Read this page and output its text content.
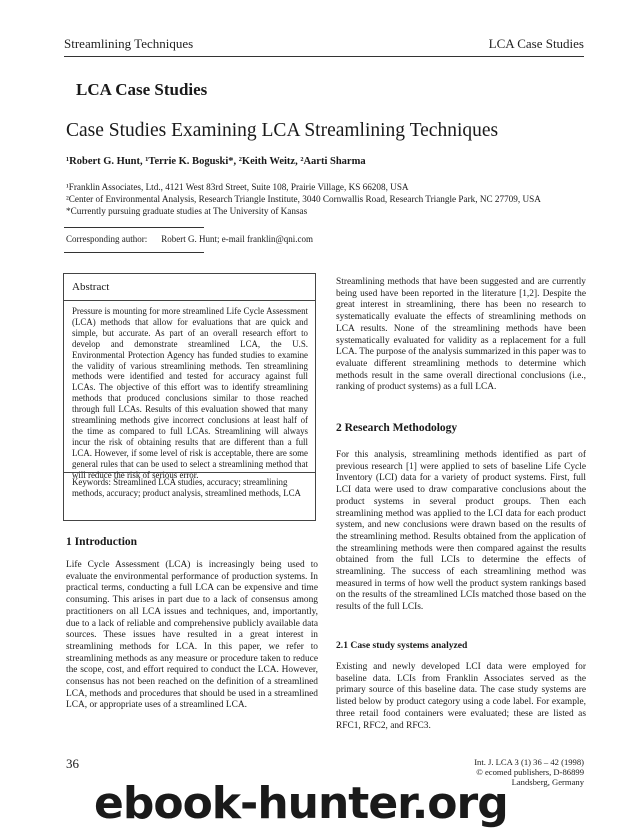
Streamlining Techniques	LCA Case Studies
LCA Case Studies
Case Studies Examining LCA Streamlining Techniques
¹Robert G. Hunt, ¹Terrie K. Boguski*, ²Keith Weitz, ²Aarti Sharma
¹Franklin Associates, Ltd., 4121 West 83rd Street, Suite 108, Prairie Village, KS 66208, USA
²Center of Environmental Analysis, Research Triangle Institute, 3040 Cornwallis Road, Research Triangle Park, NC 27709, USA
*Currently pursuing graduate studies at The University of Kansas
Corresponding author: Robert G. Hunt; e-mail franklin@qni.com
Abstract
Pressure is mounting for more streamlined Life Cycle Assessment (LCA) methods that allow for evaluations that are quick and simple, but accurate. As part of an overall research effort to develop and demonstrate streamlined LCA, the U.S. Environmental Protection Agency has funded studies to examine the validity of various streamlining methods. Ten streamlining methods were identified and tested for accuracy against full LCAs. The objective of this effort was to identify streamlining methods that produced conclusions similar to those reached through full LCAs. Results of this evaluation showed that many streamlining methods give incorrect conclusions at least half of the time as compared to full LCAs. Streamlining will always incur the risk of obtaining results that are different than a full LCA. However, if some level of risk is acceptable, there are some general rules that can be used to select a streamlining method that will reduce the risk of serious error.
Keywords: Streamlined LCA studies, accuracy; streamlining methods, accuracy; product analysis, streamlined methods, LCA
1 Introduction
Life Cycle Assessment (LCA) is increasingly being used to evaluate the environmental performance of production systems. In practical terms, conducting a full LCA can be expensive and time consuming. This arises in part due to a lack of consensus among practitioners on all LCA issues and techniques, and, importantly, due to a lack of reliable and comprehensive publicly available data sources. These issues have resulted in a great interest in streamlining methods for LCA. In this paper, we refer to streamlining methods as any measure or procedure taken to reduce the scope, cost, and effort required to conduct the LCA. However, consensus has not been reached on the definition of a streamlined LCA, methods and procedures that should be used in a streamlined LCA, or appropriate uses of a streamlined LCA.
Streamlining methods that have been suggested and are currently being used have been reported in the literature [1,2]. Despite the great interest in streamlining, there has been no research to systematically evaluate the effects of streamlining methods on LCA results. None of the streamlining methods have been systematically evaluated for validity as a replacement for a full LCA. The purpose of the analysis summarized in this paper was to evaluate different streamlining methods to determine which methods result in the same overall directional conclusions (i.e., ranking of product systems) as a full LCA.
2 Research Methodology
For this analysis, streamlining methods identified as part of previous research [1] were applied to sets of baseline Life Cycle Inventory (LCI) data for a variety of product systems. First, full LCI data were used to draw comparative conclusions about the product systems in several product groups. Then each streamlining method was applied to the LCI data for each product system, and new conclusions were drawn based on the results of the streamlining method. Results obtained from the application of the streamlining methods were then compared against the results obtained from the full LCIs to determine the effects of streamlining. The success of each streamlining method was measured in terms of how well the product system rankings based on the results of the streamlined LCIs matched those based on the results of the full LCIs.
2.1 Case study systems analyzed
Existing and newly developed LCI data were employed for baseline data. LCIs from Franklin Associates served as the primary source of this baseline data. The case study systems are listed below by product category using a code label. For example, three retail food containers were evaluated; these are listed as RFC1, RFC2, and RFC3.
36	Int. J. LCA 3 (1) 36 – 42 (1998)
© ecomed publishers, D-86899 Landsberg, Germany
ebook-hunter.org
